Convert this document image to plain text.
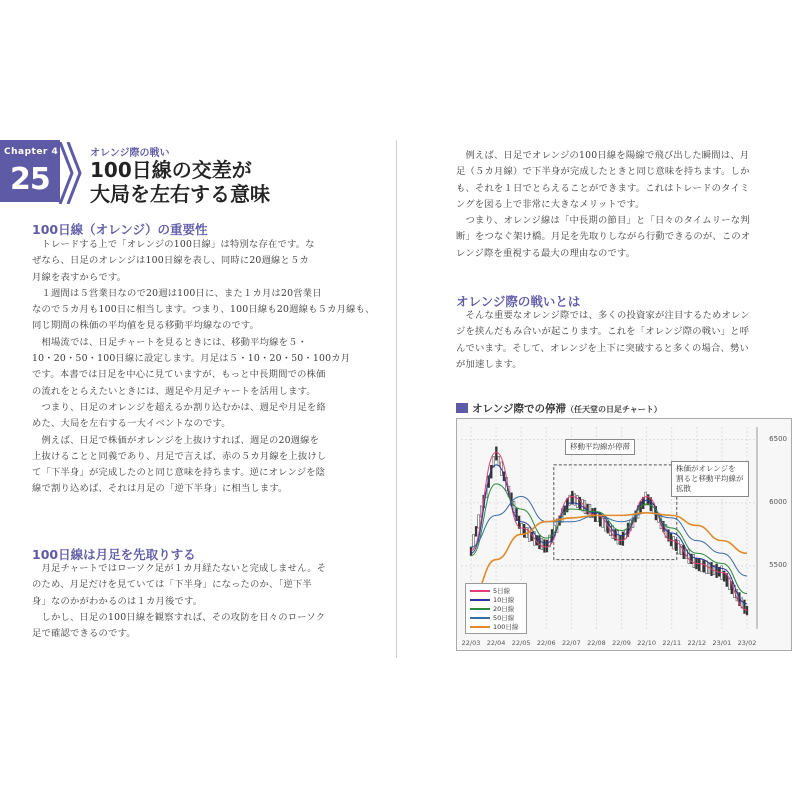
Chapter 4
25
オレンジ際の戦い
100日線の交差が
大局を左右する意味
100日線（オレンジ）の重要性
　トレードする上で「オレンジの100日線」は特別な存在です。な
ぜなら、日足のオレンジは100日線を表し、同時に20週線と５カ
月線を表すからです。
　１週間は５営業日なので20週は100日に、また１カ月は20営業日
なので５カ月も100日に相当します。つまり、100日線も20週線も５カ月線も、
同じ期間の株価の平均値を見る移動平均線なのです。
　相場流では、日足チャートを見るときには、移動平均線を５・
10・20・50・100日線に設定します。月足は５・10・20・50・100カ月
です。本書では日足を中心に見ていますが、もっと中長期間での株価
の流れをとらえたいときには、週足や月足チャートを活用します。
　つまり、日足のオレンジを超えるか割り込むかは、週足や月足を絡
めた、大局を左右する一大イベントなのです。
　例えば、日足で株価がオレンジを上抜けすれば、週足の20週線を
上抜けることと同義であり、月足で言えば、赤の５カ月線を上抜けし
て「下半身」が完成したのと同じ意味を持ちます。逆にオレンジを陰
線で割り込めば、それは月足の「逆下半身」に相当します。
100日線は月足を先取りする
　月足チャートではローソク足が１カ月経たないと完成しません。そ
のため、月足だけを見ていては「下半身」になったのか、「逆下半
身」なのかがわかるのは１カ月後です。
　しかし、日足の100日線を観察すれば、その攻防を日々のローソク
足で確認できるのです。
　例えば、日足でオレンジの100日線を陽線で飛び出した瞬間は、月
足（５カ月線）で下半身が完成したときと同じ意味を持ちます。しか
も、それを１日でとらえることができます。これはトレードのタイミ
ングを図る上で非常に大きなメリットです。
　つまり、オレンジ線は「中長期の節目」と「日々のタイムリーな判
断」をつなぐ架け橋。月足を先取りしながら行動できるのが、このオ
レンジ際を重視する最大の理由なのです。
オレンジ際の戦いとは
　そんな重要なオレンジ際では、多くの投資家が注目するためオレン
ジを挟んだもみ合いが起こります。これを「オレンジ際の戦い」と呼
んでいます。そして、オレンジを上下に突破すると多くの場合、勢い
が加速します。
オレンジ際での停滞（任天堂の日足チャート）
移動平均線が停滞
株価がオレンジを
割ると移動平均線が
拡散
5日線
10日線
20日線
50日線
100日線
5500
6000
6500
22/03 22/04 22/05 22/06 22/07 22/08 22/09 22/10 22/11 22/12 23/01 23/02
